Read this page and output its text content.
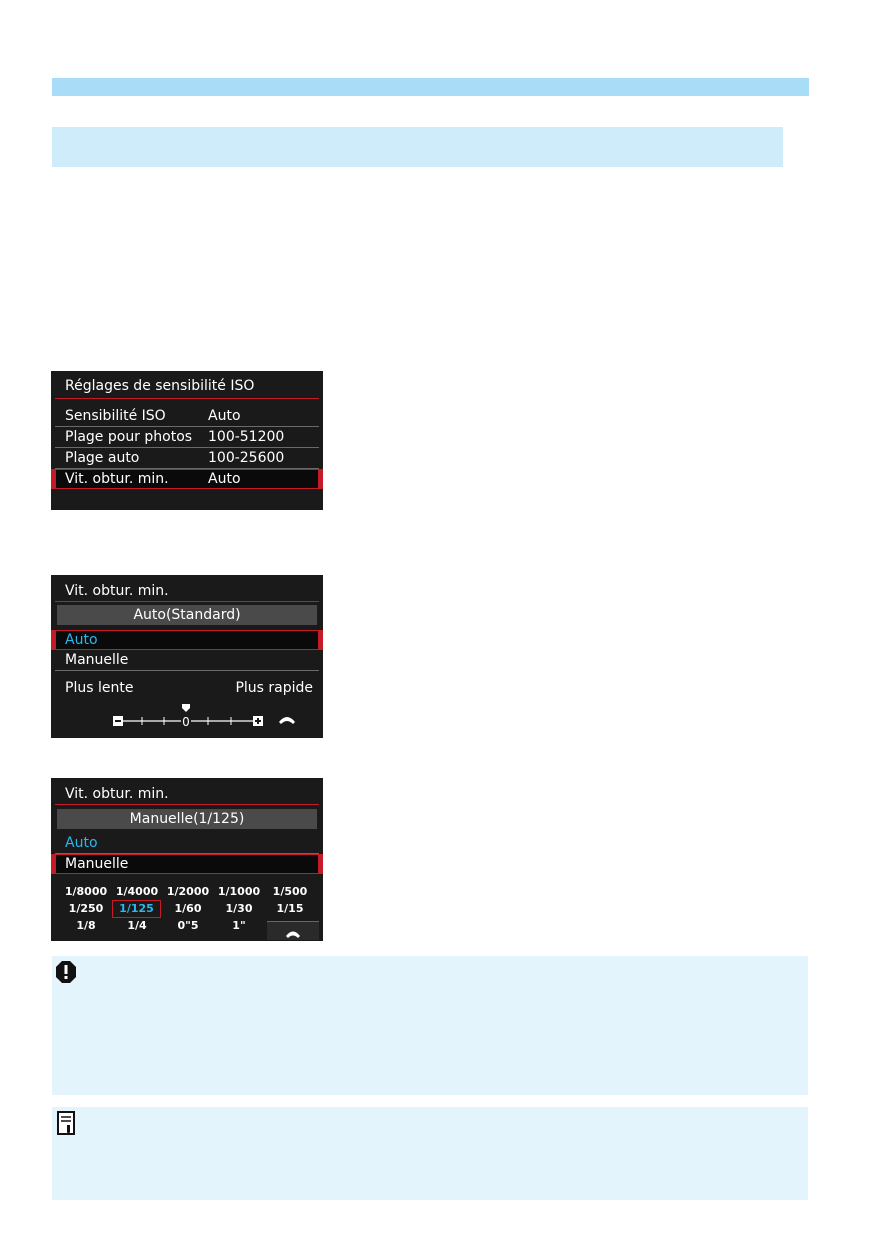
Réglages de sensibilité ISO
Sensibilité ISO	Auto
Plage pour photos 100-51200
Plage auto	100-25600
Vit. obtur. min.	Auto
Vit. obtur. min.
Auto(Standard)
Auto
Manuelle
Plus lente	Plus rapide
0
Vit. obtur. min.
Manuelle(1/125)
Auto
Manuelle
1/8000 1/4000 1/2000 1/1000	1/500
1/250	1/125	1/60	1/30	1/15
1/8	1/4	0"5	1"
